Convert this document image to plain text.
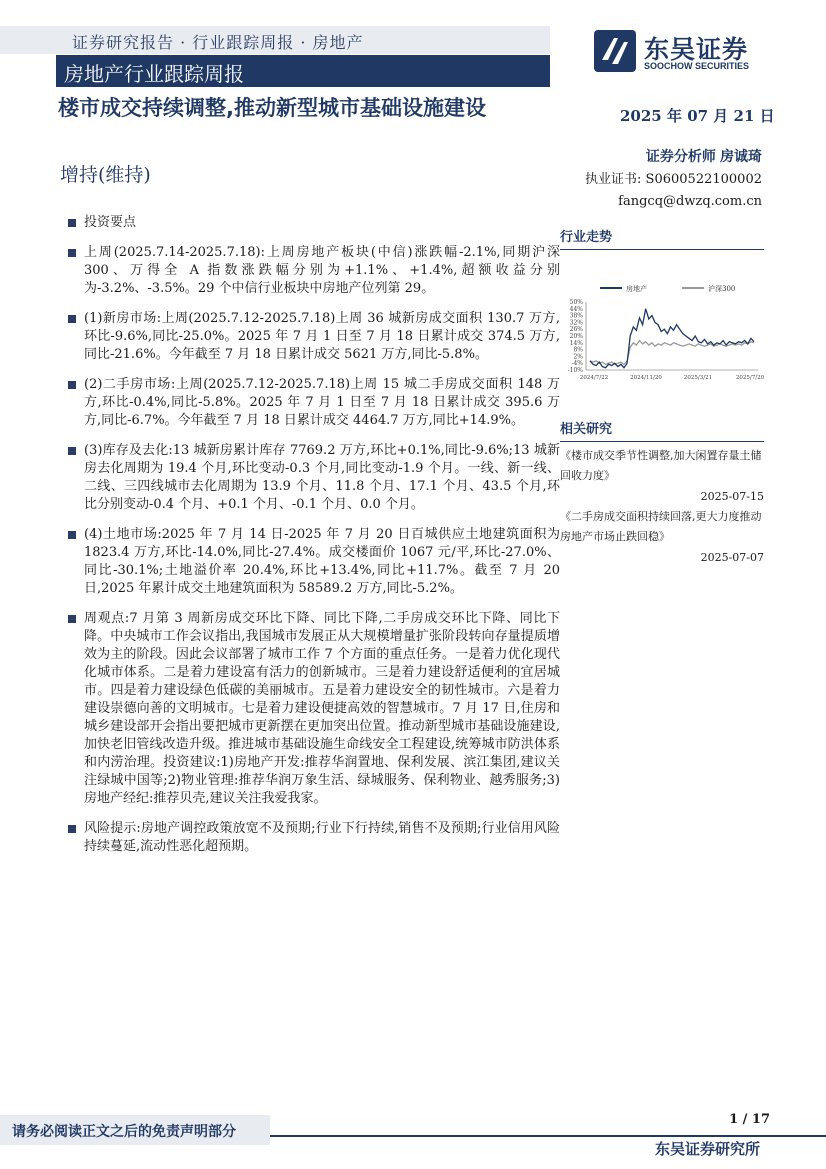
证券研究报告 · 行业跟踪周报 · 房地产
房地产行业跟踪周报
东吴证券
SOOCHOW SECURITIES
楼市成交持续调整,推动新型城市基础设施建设	2025 年 07 月 21 日
增持(维持)
证券分析师 房诚琦
执业证书: S0600522100002
fangcq@dwzq.com.cn
投资要点
上周(2025.7.14-2025.7.18):上周房地产板块(中信)涨跌幅-2.1%,同期沪深 300、万得全 A 指数涨跌幅分别为+1.1%、+1.4%,超额收益分别为-3.2%、-3.5%。29 个中信行业板块中房地产位列第 29。
(1)新房市场:上周(2025.7.12-2025.7.18)上周 36 城新房成交面积 130.7 万方,环比-9.6%,同比-25.0%。2025 年 7 月 1 日至 7 月 18 日累计成交 374.5 万方,同比-21.6%。今年截至 7 月 18 日累计成交 5621 万方,同比-5.8%。
(2)二手房市场:上周(2025.7.12-2025.7.18)上周 15 城二手房成交面积 148 万方,环比-0.4%,同比-5.8%。2025 年 7 月 1 日至 7 月 18 日累计成交 395.6 万方,同比-6.7%。今年截至 7 月 18 日累计成交 4464.7 万方,同比+14.9%。
(3)库存及去化:13 城新房累计库存 7769.2 万方,环比+0.1%,同比-9.6%;13 城新房去化周期为 19.4 个月,环比变动-0.3 个月,同比变动-1.9 个月。一线、新一线、二线、三四线城市去化周期为 13.9 个月、11.8 个月、17.1 个月、43.5 个月,环比分别变动-0.4 个月、+0.1 个月、-0.1 个月、0.0 个月。
(4)土地市场:2025 年 7 月 14 日-2025 年 7 月 20 日百城供应土地建筑面积为 1823.4 万方,环比-14.0%,同比-27.4%。成交楼面价 1067 元/平,环比-27.0%、同比-30.1%;土地溢价率 20.4%,环比+13.4%,同比+11.7%。截至 7 月 20 日,2025 年累计成交土地建筑面积为 58589.2 万方,同比-5.2%。
周观点:7 月第 3 周新房成交环比下降、同比下降,二手房成交环比下降、同比下降。中央城市工作会议指出,我国城市发展正从大规模增量扩张阶段转向存量提质增效为主的阶段。因此会议部署了城市工作 7 个方面的重点任务。一是着力优化现代化城市体系。二是着力建设富有活力的创新城市。三是着力建设舒适便利的宜居城市。四是着力建设绿色低碳的美丽城市。五是着力建设安全的韧性城市。六是着力建设崇德向善的文明城市。七是着力建设便捷高效的智慧城市。7 月 17 日,住房和城乡建设部开会指出要把城市更新摆在更加突出位置。推动新型城市基础设施建设,加快老旧管线改造升级。推进城市基础设施生命线安全工程建设,统筹城市防洪体系和内涝治理。投资建议:1)房地产开发:推荐华润置地、保利发展、滨江集团,建议关注绿城中国等;2)物业管理:推荐华润万象生活、绿城服务、保利物业、越秀服务;3)房地产经纪:推荐贝壳,建议关注我爱我家。
风险提示:房地产调控政策放宽不及预期;行业下行持续,销售不及预期;行业信用风险持续蔓延,流动性恶化超预期。
行业走势
房地产	沪深300
50%
44%
38%
32%
26%
20%
14%
8%
2%
-4%
-10%
2024/7/22	2024/11/20	2025/3/21	2025/7/20
相关研究
《楼市成交季节性调整,加大闲置存量土储回收力度》
2025-07-15
《二手房成交面积持续回落,更大力度推动房地产市场止跌回稳》
2025-07-07
1 / 17
请务必阅读正文之后的免责声明部分
东吴证券研究所
